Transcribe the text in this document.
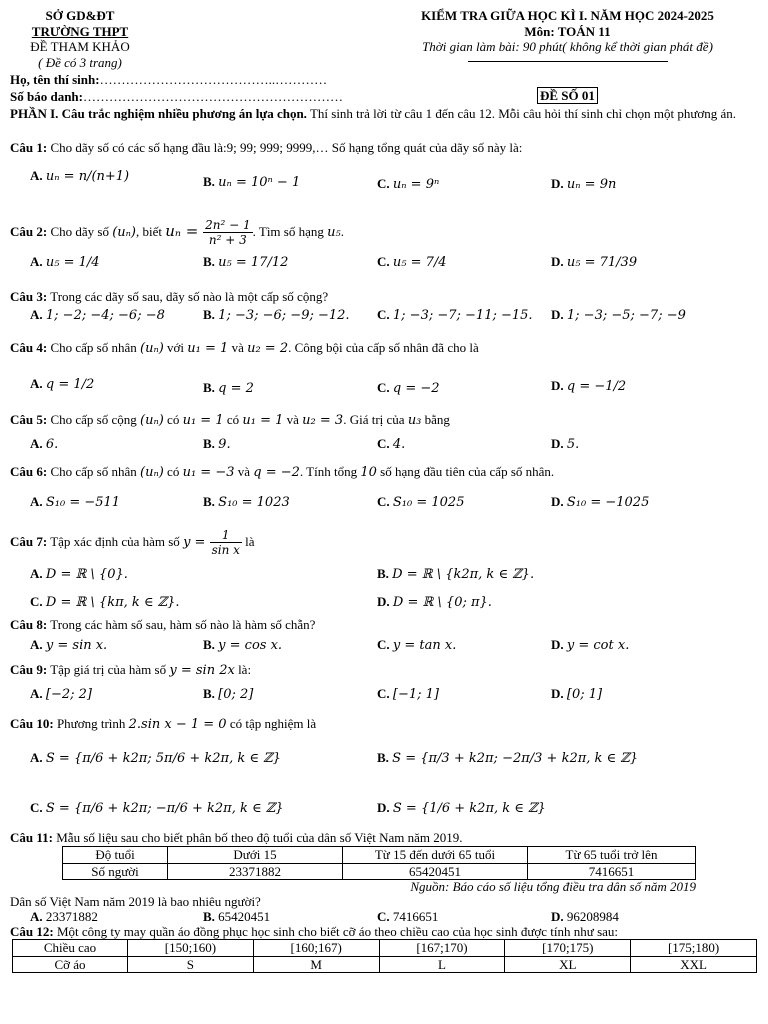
SỞ GD&ĐT
TRƯỜNG THPT
ĐỀ THAM KHẢO
( Đề có 3 trang)
KIỂM TRA GIỮA HỌC KÌ I. NĂM HỌC 2024-2025
Môn: TOÁN 11
Thời gian làm bài: 90 phút( không kể thời gian phát đề)
Họ, tên thí sinh:…………………………………..…………
Số báo danh:……………………………………………………	ĐỀ SỐ 01
PHẦN I. Câu trắc nghiệm nhiều phương án lựa chọn. Thí sinh trả lời từ câu 1 đến câu 12. Mỗi câu hỏi thí sinh chỉ chọn một phương án.
Câu 1: Cho dãy số có các số hạng đầu là:9; 99; 999; 9999,… Số hạng tổng quát của dãy số này là:
A. uₙ = n/(n+1)	B. uₙ = 10ⁿ − 1	C. uₙ = 9ⁿ	D. uₙ = 9n
Câu 2: Cho dãy số (uₙ), biết $u_n = \frac{\text{2n² − 1}}{\text{n² + 3}}$ . Tìm số hạng u₅.
A. u₅ = 1/4	B. u₅ = 17/12	C. u₅ = 7/4	D. u₅ = 71/39
Câu 3: Trong các dãy số sau, dãy số nào là một cấp số cộng?
A. 1; −2; −4; −6; −8	B. 1; −3; −6; −9; −12. C. 1; −3; −7; −11; −15. D. 1; −3; −5; −7; −9
Câu 4: Cho cấp số nhân (uₙ) với u₁ = 1 và u₂ = 2. Công bội của cấp số nhân đã cho là
A. q = 1/2	B. q = 2	C. q = −2	D. q = −1/2
Câu 5: Cho cấp số cộng (uₙ) có u₁ = 1 có u₁ = 1 và u₂ = 3. Giá trị của u₃ bằng
A. 6.	B. 9.	C. 4.	D. 5.
Câu 6: Cho cấp số nhân (uₙ) có u₁ = −3 và q = −2. Tính tổng 10 số hạng đầu tiên của cấp số nhân.
A. S₁₀ = −511	B. S₁₀ = 1023	C. S₁₀ = 1025	D. S₁₀ = −1025
Câu 7: Tập xác định của hàm số $y = \frac{1}{\text{sin x}}$ là
A. D = ℝ \ {0}.	B. D = ℝ \ {k2π, k ∈ ℤ}.
C. D = ℝ \ {kπ, k ∈ ℤ}.	D. D = ℝ \ {0; π}.
Câu 8: Trong các hàm số sau, hàm số nào là hàm số chẵn?
A. y = sin x.	B. y = cos x.	C. y = tan x.	D. y = cot x.
Câu 9: Tập giá trị của hàm số y = sin 2x là:
A. [−2; 2]	B. [0; 2]	C. [−1; 1]	D. [0; 1]
Câu 10: Phương trình 2.sin x − 1 = 0 có tập nghiệm là
A. S = {π/6 + k2π; 5π/6 + k2π, k ∈ ℤ}	B. S = {π/3 + k2π; −2π/3 + k2π, k ∈ ℤ}
C. S = {π/6 + k2π; −π/6 + k2π, k ∈ ℤ}	D. S = {1/6 + k2π, k ∈ ℤ}
Câu 11: Mẫu số liệu sau cho biết phân bố theo độ tuổi của dân số Việt Nam năm 2019.
Độ tuổi	Dưới 15	Từ 15 đến dưới 65 tuổi	Từ 65 tuổi trở lên
Số người	23371882	65420451	7416651
Nguồn: Báo cáo số liệu tổng điều tra dân số năm 2019
Dân số Việt Nam năm 2019 là bao nhiêu người?
A. 23371882	B. 65420451	C. 7416651	D. 96208984
Câu 12: Một công ty may quần áo đồng phục học sinh cho biết cỡ áo theo chiều cao của học sinh được tính như sau:
Chiều cao	[150;160)	[160;167)	[167;170)	[170;175)	[175;180)
Cỡ áo	S	M	L	XL	XXL
